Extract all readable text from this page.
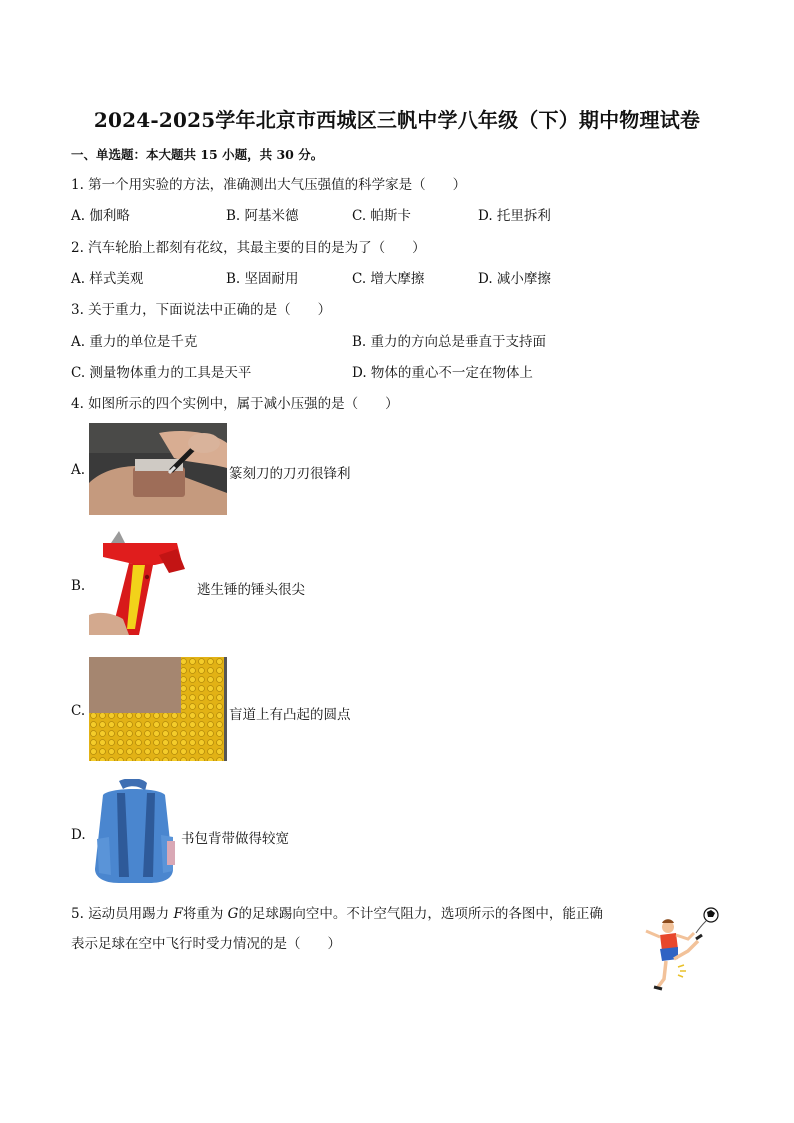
2024-2025学年北京市西城区三帆中学八年级（下）期中物理试卷
一、单选题：本大题共 15 小题，共 30 分。
1. 第一个用实验的方法，准确测出大气压强值的科学家是（　　）
A. 伽利略	B. 阿基米德	C. 帕斯卡	D. 托里拆利
2. 汽车轮胎上都刻有花纹，其最主要的目的是为了（　　）
A. 样式美观	B. 坚固耐用	C. 增大摩擦	D. 减小摩擦
3. 关于重力，下面说法中正确的是（　　）
A. 重力的单位是千克	B. 重力的方向总是垂直于支持面
C. 测量物体重力的工具是天平	D. 物体的重心不一定在物体上
4. 如图所示的四个实例中，属于减小压强的是（　　）
A.	篆刻刀的刀刃很锋利
B.	逃生锤的锤头很尖
C.	盲道上有凸起的圆点
D.	书包背带做得较宽
5. 运动员用踢力 F将重为 G的足球踢向空中。不计空气阻力，选项所示的各图中，能正确
表示足球在空中飞行时受力情况的是（　　）
